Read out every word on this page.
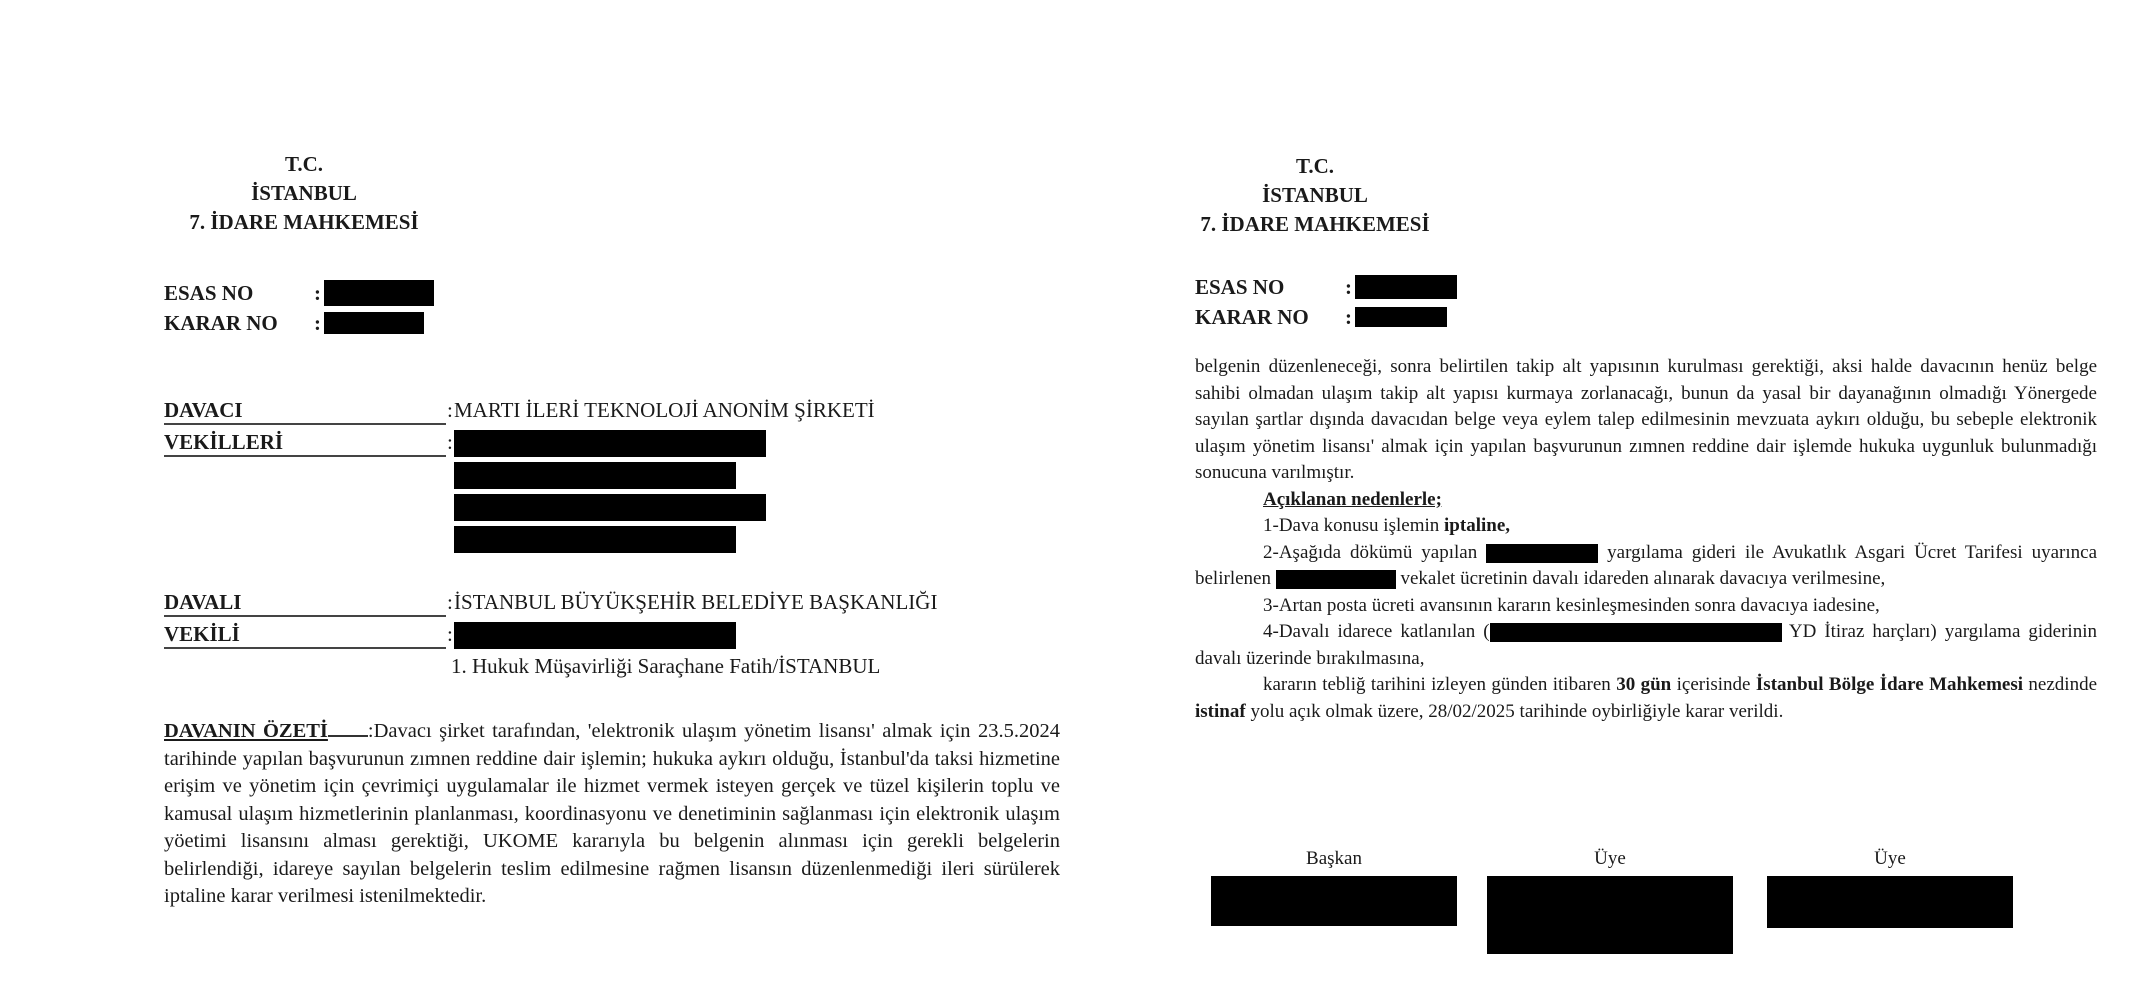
T.C.
İSTANBUL
7. İDARE MAHKEMESİ
ESAS NO	:
KARAR NO	:
DAVACI	: MARTI İLERİ TEKNOLOJİ ANONİM ŞİRKETİ
VEKİLLERİ	:
DAVALI	: İSTANBUL BÜYÜKŞEHİR BELEDİYE BAŞKANLIĞI
VEKİLİ	:
1. Hukuk Müşavirliği Saraçhane Fatih/İSTANBUL
DAVANIN ÖZETİ :Davacı şirket tarafından, 'elektronik ulaşım yönetim lisansı' almak için 23.5.2024 tarihinde yapılan başvurunun zımnen reddine dair işlemin; hukuka aykırı olduğu, İstanbul'da taksi hizmetine erişim ve yönetim için çevrimiçi uygulamalar ile hizmet vermek isteyen gerçek ve tüzel kişilerin toplu ve kamusal ulaşım hizmetlerinin planlanması, koordinasyonu ve denetiminin sağlanması için elektronik ulaşım yöetimi lisansını alması gerektiği, UKOME kararıyla bu belgenin alınması için gerekli belgelerin belirlendiği, idareye sayılan belgelerin teslim edilmesine rağmen lisansın düzenlenmediği ileri sürülerek iptaline karar verilmesi istenilmektedir.
T.C.
İSTANBUL
7. İDARE MAHKEMESİ
ESAS NO	:
KARAR NO	:

belgenin düzenleneceği, sonra belirtilen takip alt yapısının kurulması gerektiği, aksi halde davacının henüz belge sahibi olmadan ulaşım takip alt yapısı kurmaya zorlanacağı, bunun da yasal bir dayanağının olmadığı Yönergede sayılan şartlar dışında davacıdan belge veya eylem talep edilmesinin mevzuata aykırı olduğu, bu sebeple elektronik ulaşım yönetim lisansı' almak için yapılan başvurunun zımnen reddine dair işlemde hukuka uygunluk bulunmadığı sonucuna varılmıştır.

Açıklanan nedenlerle;

1-Dava konusu işlemin iptaline,

2-Aşağıda dökümü yapılan	yargılama gideri ile Avukatlık Asgari Ücret Tarifesi uyarınca belirlenen	vekalet ücretinin davalı idareden alınarak davacıya verilmesine,

3-Artan posta ücreti avansının kararın kesinleşmesinden sonra davacıya iadesine,

4-Davalı idarece katlanılan (	YD İtiraz harçları) yargılama giderinin davalı üzerinde bırakılmasına,

kararın tebliğ tarihini izleyen günden itibaren 30 gün içerisinde İstanbul Bölge İdare Mahkemesi nezdinde istinaf yolu açık olmak üzere, 28/02/2025 tarihinde oybirliğiyle karar verildi.

Başkan	Üye	Üye
